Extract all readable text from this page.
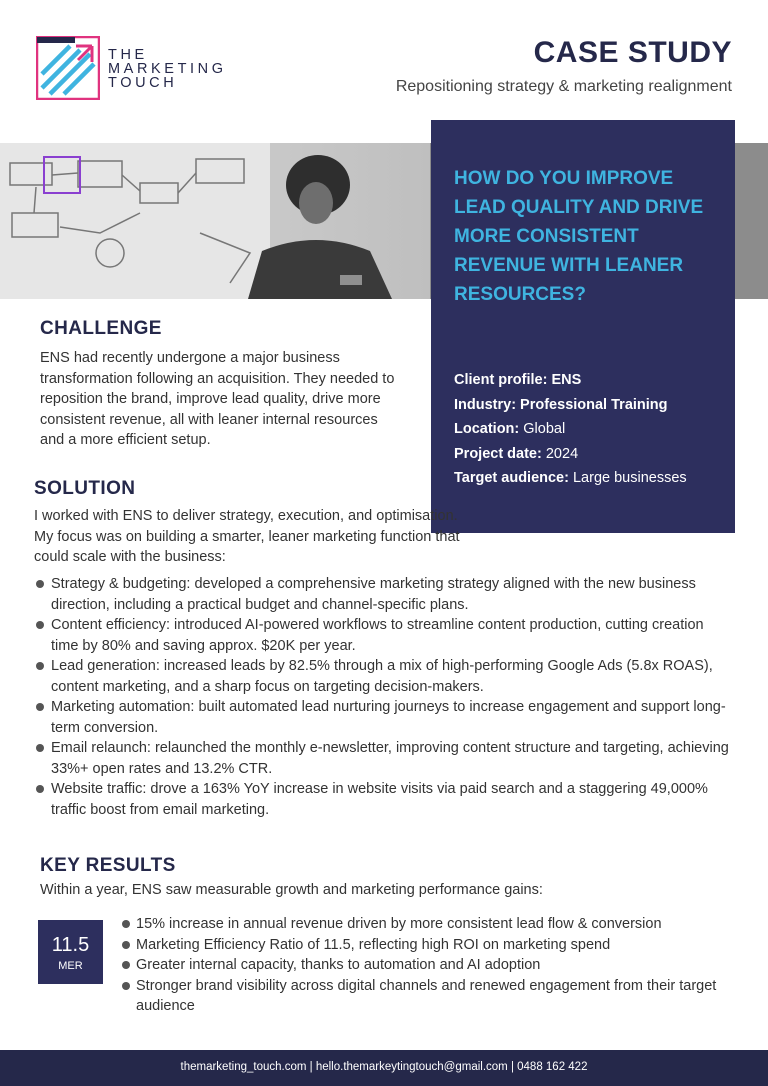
THE
MARKETING
TOUCH
CASE STUDY
Repositioning strategy & marketing realignment
HOW DO YOU IMPROVE LEAD QUALITY AND DRIVE MORE CONSISTENT REVENUE WITH LEANER RESOURCES?
Client profile: ENS
Industry: Professional Training
Location: Global
Project date: 2024
Target audience: Large businesses
CHALLENGE
ENS had recently undergone a major business transformation following an acquisition. They needed to reposition the brand, improve lead quality, drive more consistent revenue, all with leaner internal resources and a more efficient setup.
SOLUTION
I worked with ENS to deliver strategy, execution, and optimisation. My focus was on building a smarter, leaner marketing function that could scale with the business:
Strategy & budgeting: developed a comprehensive marketing strategy aligned with the new business direction, including a practical budget and channel-specific plans.
Content efficiency: introduced AI-powered workflows to streamline content production, cutting creation time by 80% and saving approx. $20K per year.
Lead generation: increased leads by 82.5% through a mix of high-performing Google Ads (5.8x ROAS), content marketing, and a sharp focus on targeting decision-makers.
Marketing automation: built automated lead nurturing journeys to increase engagement and support long-term conversion.
Email relaunch: relaunched the monthly e-newsletter, improving content structure and targeting, achieving 33%+ open rates and 13.2% CTR.
Website traffic: drove a 163% YoY increase in website visits via paid search and a staggering 49,000% traffic boost from email marketing.
KEY RESULTS
Within a year, ENS saw measurable growth and marketing performance gains:
11.5
MER
15% increase in annual revenue driven by more consistent lead flow & conversion
Marketing Efficiency Ratio of 11.5, reflecting high ROI on marketing spend
Greater internal capacity, thanks to automation and AI adoption
Stronger brand visibility across digital channels and renewed engagement from their target audience
themarketing_touch.com | hello.themarkeytingtouch@gmail.com | 0488 162 422
